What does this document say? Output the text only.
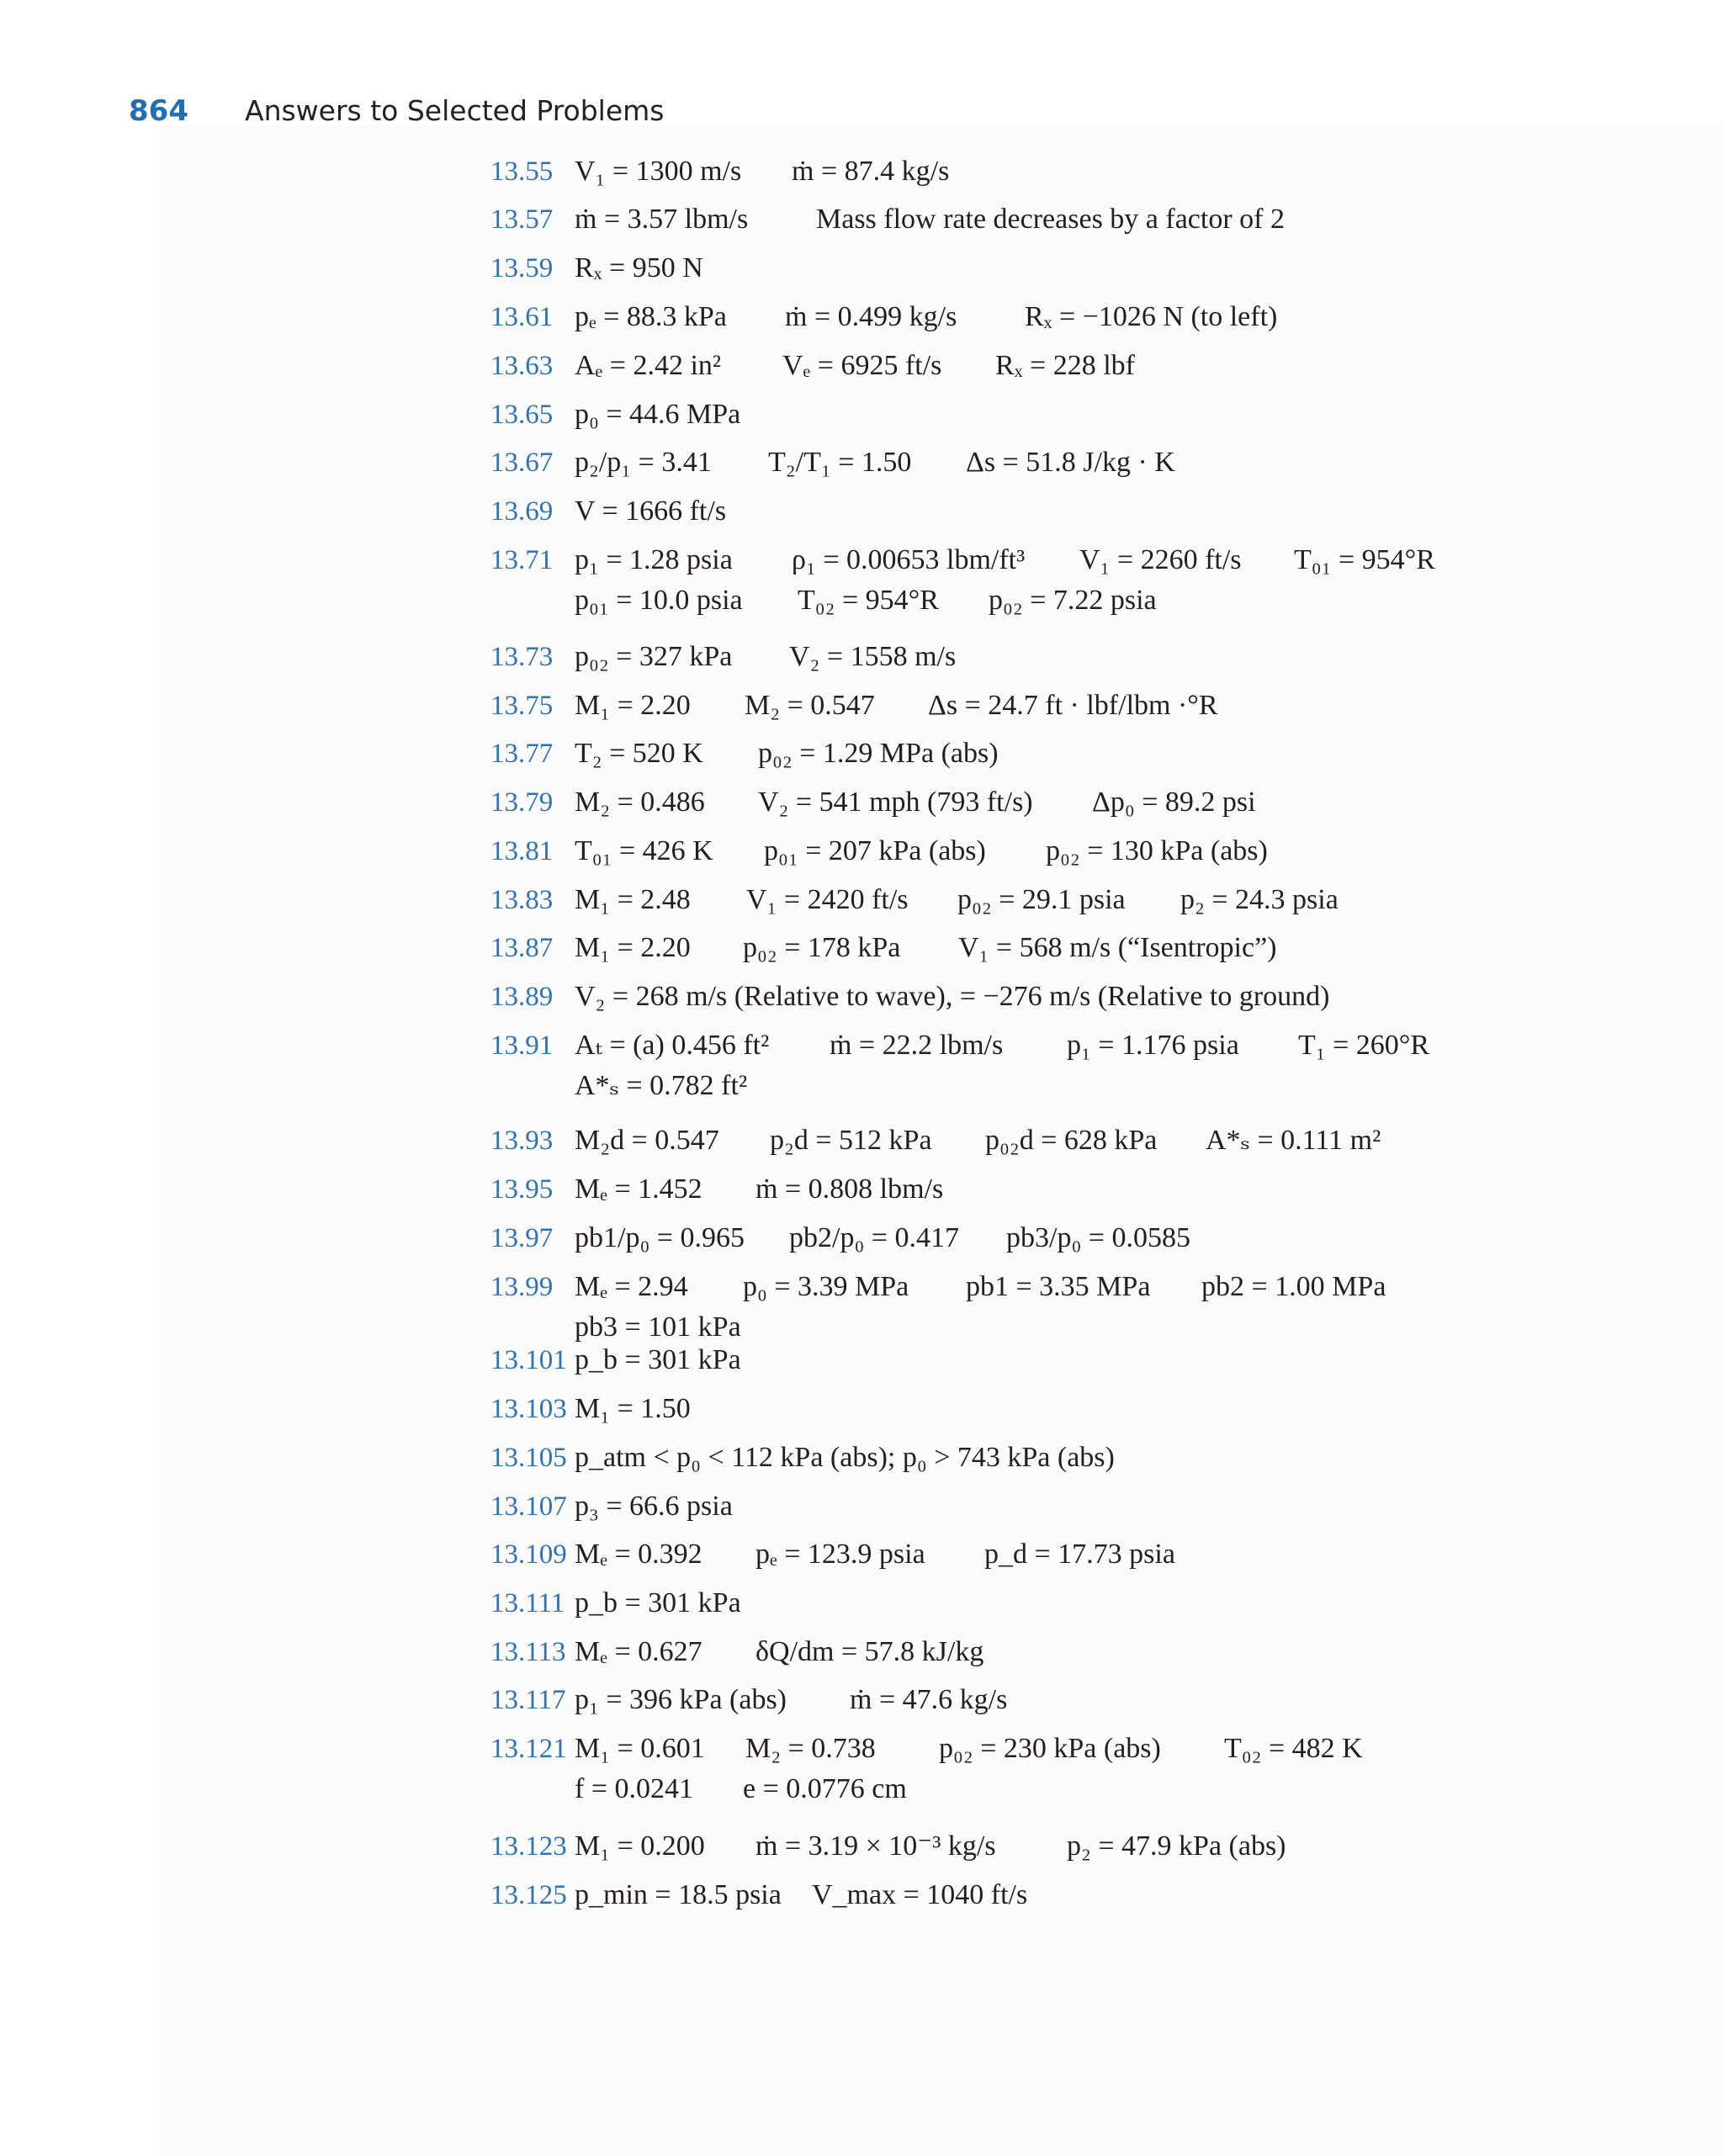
864 Answers to Selected Problems
13.55 V₁ = 1300 m/s ṁ = 87.4 kg/s
13.57 ṁ = 3.57 lbm/s Mass flow rate decreases by a factor of 2
13.59 Rₓ = 950 N
13.61 pₑ = 88.3 kPa ṁ = 0.499 kg/s Rₓ = −1026 N (to left)
13.63 Aₑ = 2.42 in² Vₑ = 6925 ft/s Rₓ = 228 lbf
13.65 p₀ = 44.6 MPa
13.67 p₂/p₁ = 3.41 T₂/T₁ = 1.50 Δs = 51.8 J/kg · K
13.69 V = 1666 ft/s
13.71 p₁ = 1.28 psia ρ₁ = 0.00653 lbm/ft³ V₁ = 2260 ft/s T₀₁ = 954°R
p₀₁ = 10.0 psia T₀₂ = 954°R p₀₂ = 7.22 psia
13.73 p₀₂ = 327 kPa V₂ = 1558 m/s
13.75 M₁ = 2.20 M₂ = 0.547 Δs = 24.7 ft · lbf/lbm ·°R
13.77 T₂ = 520 K p₀₂ = 1.29 MPa (abs)
13.79 M₂ = 0.486 V₂ = 541 mph (793 ft/s) Δp₀ = 89.2 psi
13.81 T₀₁ = 426 K p₀₁ = 207 kPa (abs) p₀₂ = 130 kPa (abs)
13.83 M₁ = 2.48 V₁ = 2420 ft/s p₀₂ = 29.1 psia p₂ = 24.3 psia
13.87 M₁ = 2.20 p₀₂ = 178 kPa V₁ = 568 m/s (“Isentropic”)
13.89 V₂ = 268 m/s (Relative to wave), = −276 m/s (Relative to ground)
13.91 Aₜ = (a) 0.456 ft² ṁ = 22.2 lbm/s p₁ = 1.176 psia T₁ = 260°R
A*ₛ = 0.782 ft²
13.93 M₂d = 0.547 p₂d = 512 kPa p₀₂d = 628 kPa A*ₛ = 0.111 m²
13.95 Mₑ = 1.452 ṁ = 0.808 lbm/s
13.97 pb1/p₀ = 0.965 pb2/p₀ = 0.417 pb3/p₀ = 0.0585
13.99 Mₑ = 2.94 p₀ = 3.39 MPa pb1 = 3.35 MPa pb2 = 1.00 MPa
pb3 = 101 kPa
13.101 p_b = 301 kPa
13.103 M₁ = 1.50
13.105 p_atm < p₀ < 112 kPa (abs); p₀ > 743 kPa (abs)
13.107 p₃ = 66.6 psia
13.109 Mₑ = 0.392 pₑ = 123.9 psia p_d = 17.73 psia
13.111 p_b = 301 kPa
13.113 Mₑ = 0.627 δQ/dm = 57.8 kJ/kg
13.117 p₁ = 396 kPa (abs) ṁ = 47.6 kg/s
13.121 M₁ = 0.601 M₂ = 0.738 p₀₂ = 230 kPa (abs) T₀₂ = 482 K
f = 0.0241 e = 0.0776 cm
13.123 M₁ = 0.200 ṁ = 3.19 × 10⁻³ kg/s p₂ = 47.9 kPa (abs)
13.125 p_min = 18.5 psia V_max = 1040 ft/s
